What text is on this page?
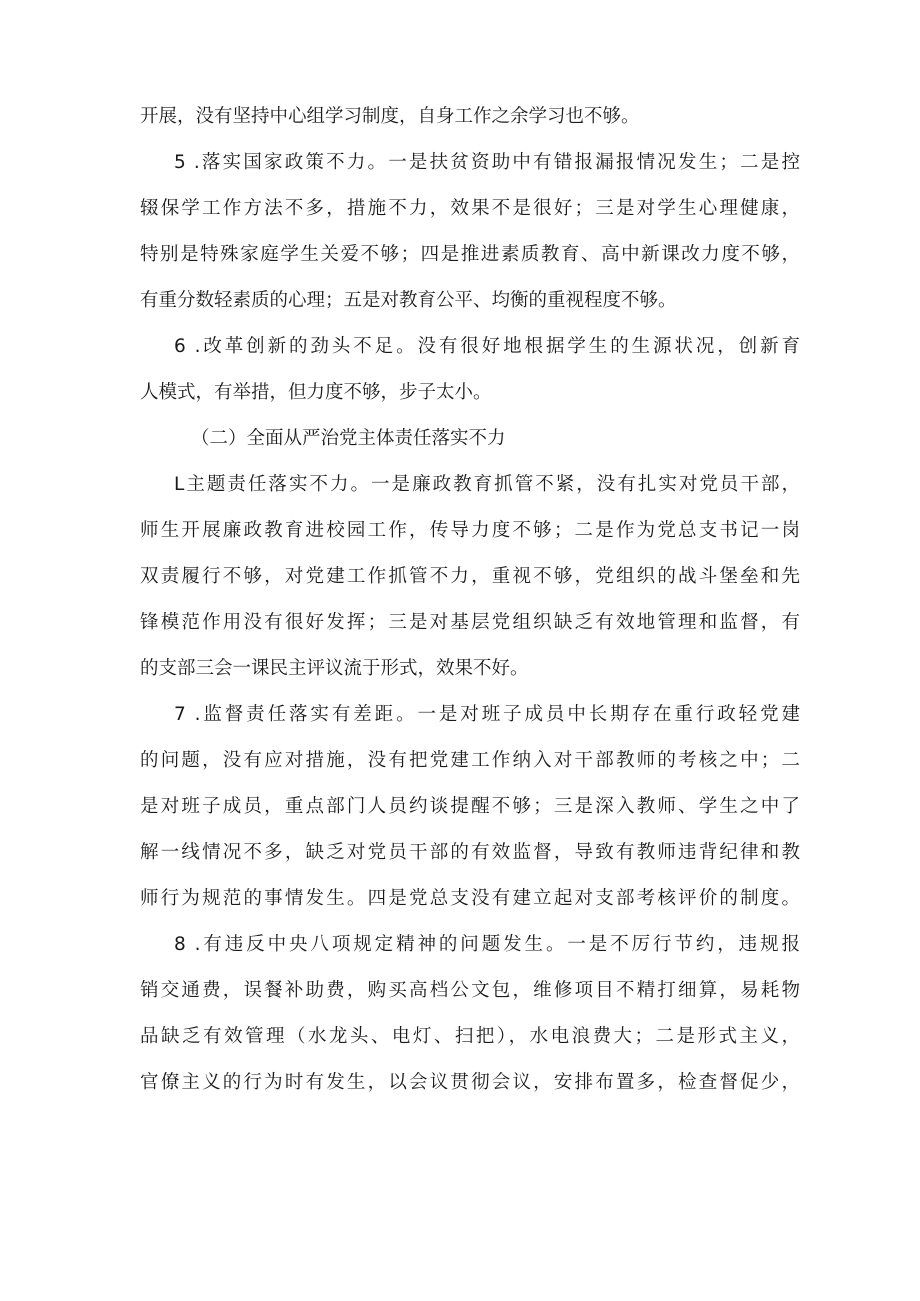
开展，没有坚持中心组学习制度，自身工作之余学习也不够。
5 .落实国家政策不力。一是扶贫资助中有错报漏报情况发生；二是控
辍保学工作方法不多，措施不力，效果不是很好；三是对学生心理健康，
特别是特殊家庭学生关爱不够；四是推进素质教育、高中新课改力度不够，
有重分数轻素质的心理；五是对教育公平、均衡的重视程度不够。
6 .改革创新的劲头不足。没有很好地根据学生的生源状况，创新育
人模式，有举措，但力度不够，步子太小。
（二）全面从严治党主体责任落实不力
L主题责任落实不力。一是廉政教育抓管不紧，没有扎实对党员干部，
师生开展廉政教育进校园工作，传导力度不够；二是作为党总支书记一岗
双责履行不够，对党建工作抓管不力，重视不够，党组织的战斗堡垒和先
锋模范作用没有很好发挥；三是对基层党组织缺乏有效地管理和监督，有
的支部三会一课民主评议流于形式，效果不好。
7 .监督责任落实有差距。一是对班子成员中长期存在重行政轻党建
的问题，没有应对措施，没有把党建工作纳入对干部教师的考核之中；二
是对班子成员，重点部门人员约谈提醒不够；三是深入教师、学生之中了
解一线情况不多，缺乏对党员干部的有效监督，导致有教师违背纪律和教
师行为规范的事情发生。四是党总支没有建立起对支部考核评价的制度。
8 .有违反中央八项规定精神的问题发生。一是不厉行节约，违规报
销交通费，误餐补助费，购买高档公文包，维修项目不精打细算，易耗物
品缺乏有效管理（水龙头、电灯、扫把），水电浪费大；二是形式主义，
官僚主义的行为时有发生，以会议贯彻会议，安排布置多，检查督促少，
